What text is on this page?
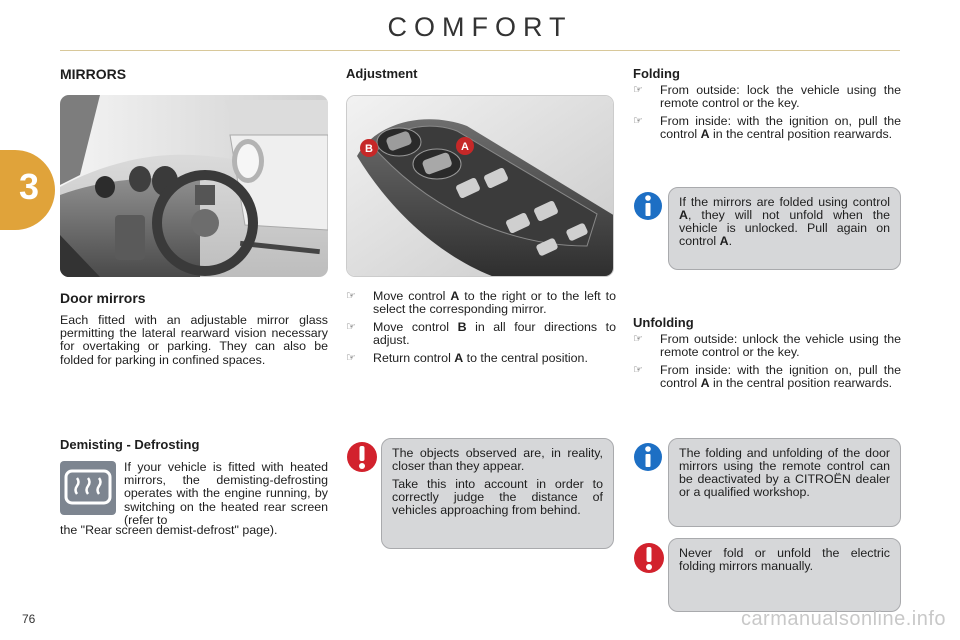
COMFORT
3
MIRRORS
Door mirrors
Each fitted with an adjustable mirror glass permitting the lateral rearward vision necessary for overtaking or parking. They can also be folded for parking in confined spaces.
Demisting - Defrosting
If your vehicle is fitted with heated mirrors, the demisting-defrosting operates with the engine running, by switching on the heated rear screen (refer to
the "Rear screen demist-defrost" page).
Adjustment
B	A
☞	Move control A to the right or to the left to select the corresponding mirror.
☞	Move control B in all four directions to adjust.
☞	Return control A to the central position.
The objects observed are, in reality, closer than they appear.
Take this into account in order to correctly judge the distance of vehicles approaching from behind.
Folding
☞	From outside: lock the vehicle using the remote control or the key.
☞	From inside: with the ignition on, pull the control A in the central position rearwards.
If the mirrors are folded using control A, they will not unfold when the vehicle is unlocked. Pull again on control A.
Unfolding
☞	From outside: unlock the vehicle using the remote control or the key.
☞	From inside: with the ignition on, pull the control A in the central position rearwards.
The folding and unfolding of the door mirrors using the remote control can be deactivated by a CITROËN dealer or a qualified workshop.
Never fold or unfold the electric folding mirrors manually.
76	carmanualsonline.info
